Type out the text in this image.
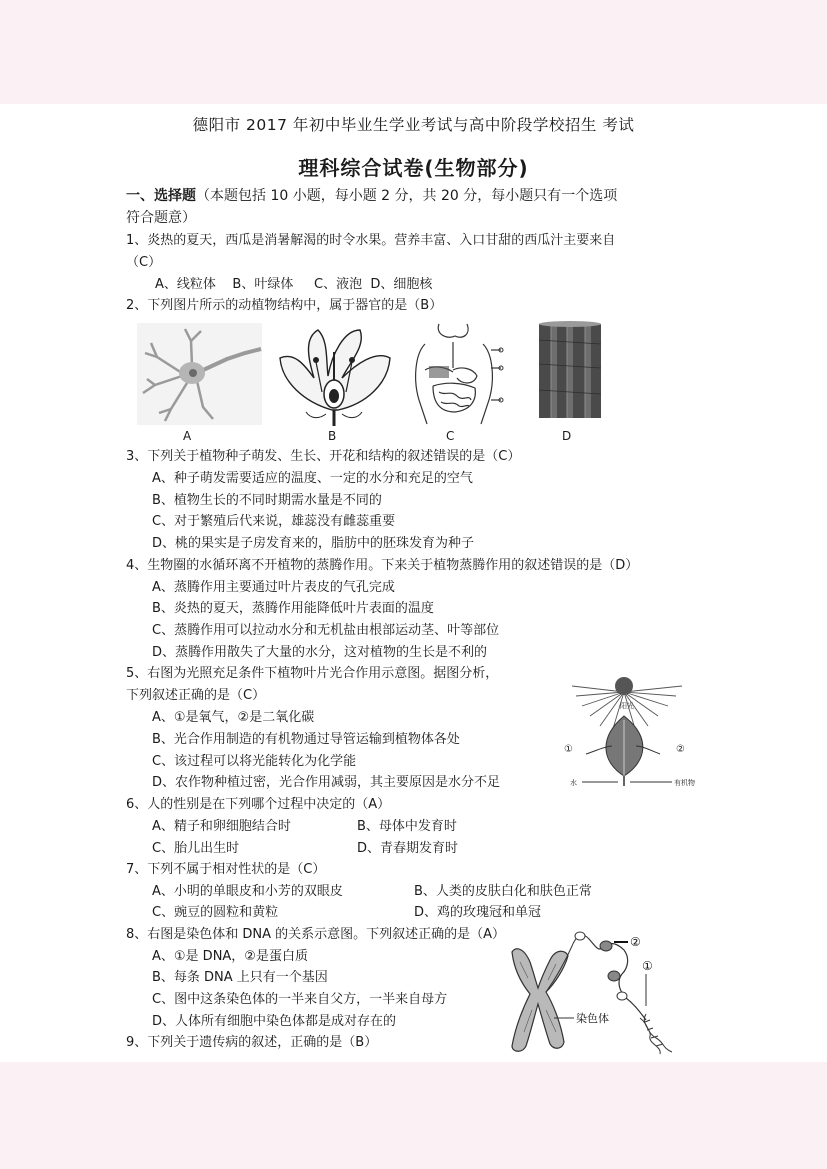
德阳市 2017 年初中毕业生学业考试与高中阶段学校招生 考试
理科综合试卷(生物部分)
一、选择题（本题包括 10 小题，每小题 2 分，共 20 分，每小题只有一个选项
符合题意）
1、炎热的夏天，西瓜是消暑解渴的时令水果。营养丰富、入口甘甜的西瓜汁主要来自
（C）
A、线粒体    B、叶绿体     C、液泡  D、细胞核
2、下列图片所示的动植物结构中，属于器官的是（B）
A	B	C	D
3、下列关于植物种子萌发、生长、开花和结构的叙述错误的是（C）
A、种子萌发需要适应的温度、一定的水分和充足的空气
B、植物生长的不同时期需水量是不同的
C、对于繁殖后代来说，雄蕊没有雌蕊重要
D、桃的果实是子房发育来的，脂肪中的胚珠发育为种子
4、生物圈的水循环离不开植物的蒸腾作用。下来关于植物蒸腾作用的叙述错误的是（D）
A、蒸腾作用主要通过叶片表皮的气孔完成
B、炎热的夏天，蒸腾作用能降低叶片表面的温度
C、蒸腾作用可以拉动水分和无机盐由根部运动茎、叶等部位
D、蒸腾作用散失了大量的水分，这对植物的生长是不利的
5、右图为光照充足条件下植物叶片光合作用示意图。据图分析，
下列叙述正确的是（C）
A、①是氧气，②是二氧化碳
B、光合作用制造的有机物通过导管运输到植物体各处
C、该过程可以将光能转化为化学能
D、农作物种植过密，光合作用减弱，其主要原因是水分不足
阳光
①	②
水	有机物
6、人的性别是在下列哪个过程中决定的（A）
A、精子和卵细胞结合时	B、母体中发育时
C、胎儿出生时	D、青春期发育时
7、下列不属于相对性状的是（C）
A、小明的单眼皮和小芳的双眼皮	B、人类的皮肤白化和肤色正常
C、豌豆的圆粒和黄粒	D、鸡的玫瑰冠和单冠
8、右图是染色体和 DNA 的关系示意图。下列叙述正确的是（A）
A、①是 DNA，②是蛋白质
B、每条 DNA 上只有一个基因
C、图中这条染色体的一半来自父方，一半来自母方
D、人体所有细胞中染色体都是成对存在的
②
①
染色体
9、下列关于遗传病的叙述，正确的是（B）
